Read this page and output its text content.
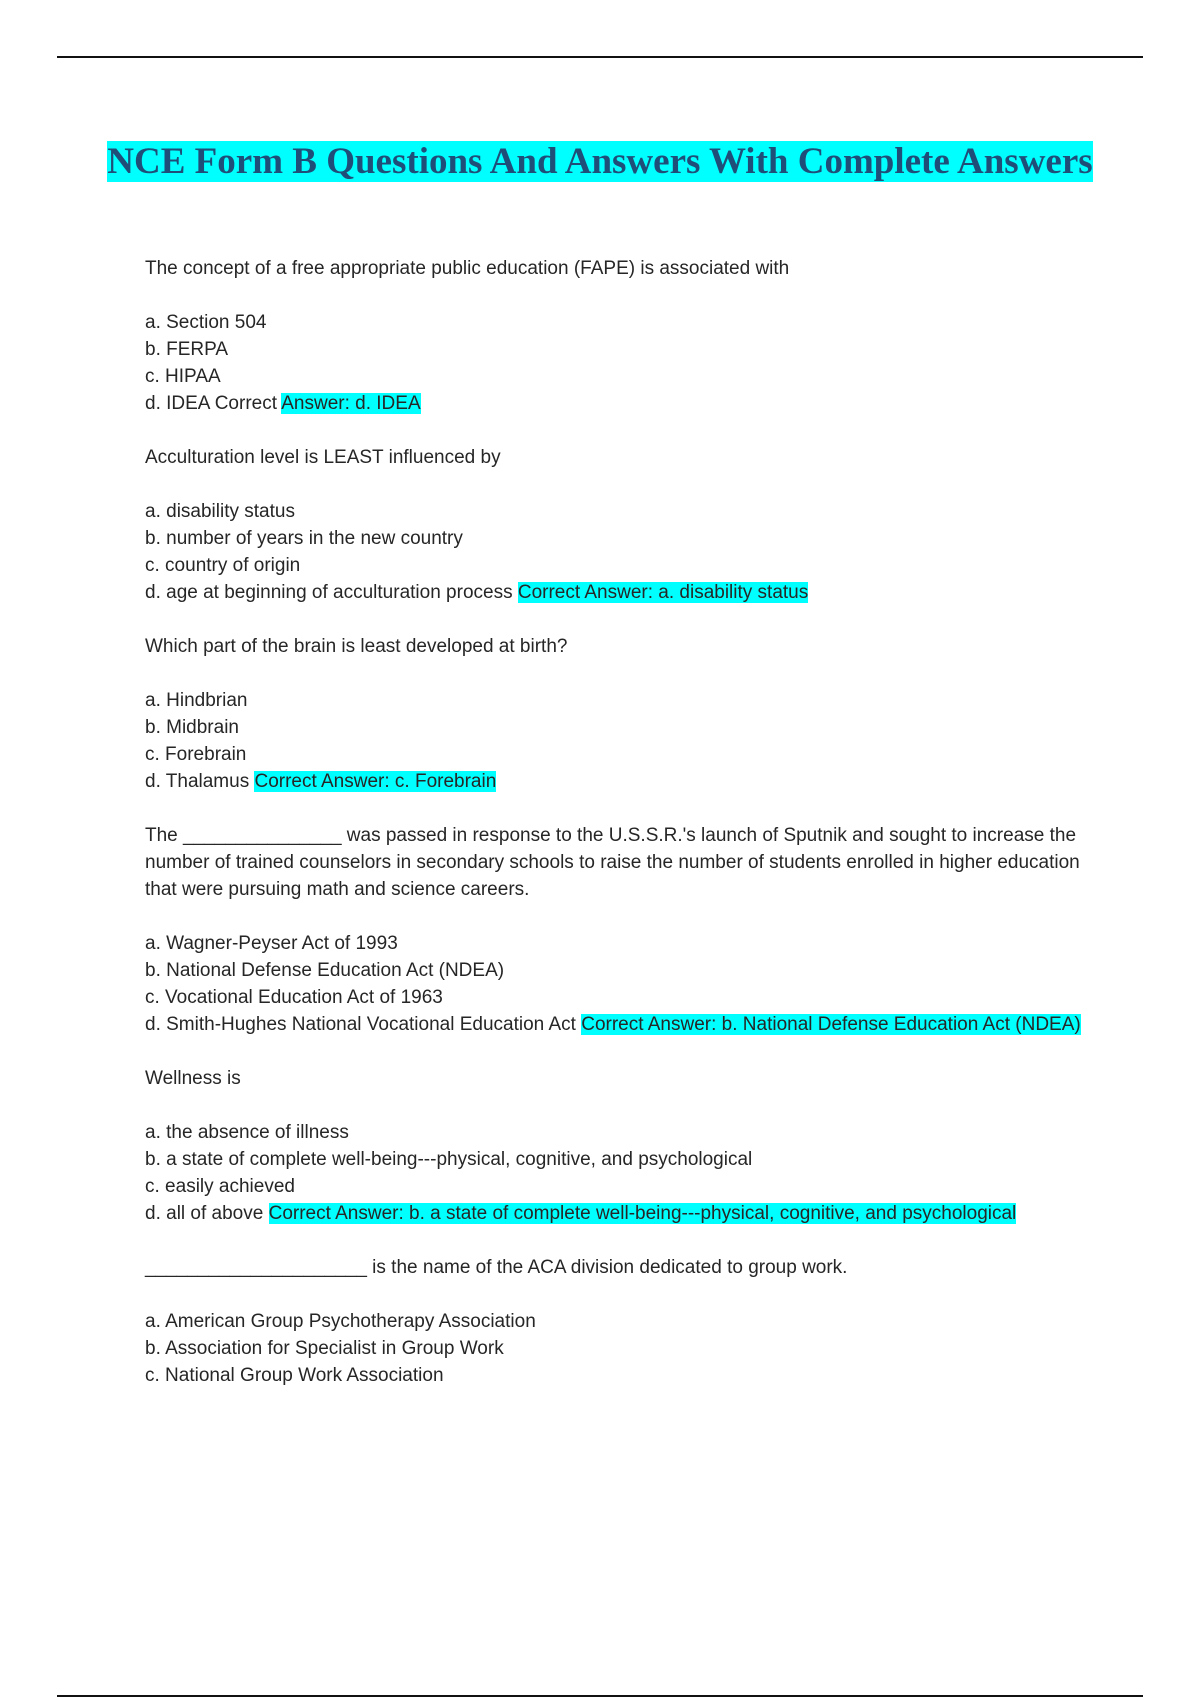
NCE Form B Questions And Answers With Complete Answers

The concept of a free appropriate public education (FAPE) is associated with

a. Section 504

b. FERPA

c. HIPAA

d. IDEA Correct Answer: d. IDEA

Acculturation level is LEAST influenced by

a. disability status

b. number of years in the new country

c. country of origin

d. age at beginning of acculturation process Correct Answer: a. disability status

Which part of the brain is least developed at birth?

a. Hindbrian

b. Midbrain

c. Forebrain

d. Thalamus Correct Answer: c. Forebrain

The _______________ was passed in response to the U.S.S.R.'s launch of Sputnik and sought to increase the number of trained counselors in secondary schools to raise the number of students enrolled in higher education that were pursuing math and science careers.

a. Wagner-Peyser Act of 1993

b. National Defense Education Act (NDEA)

c. Vocational Education Act of 1963

d. Smith-Hughes National Vocational Education Act Correct Answer: b. National Defense Education Act (NDEA)

Wellness is

a. the absence of illness

b. a state of complete well-being---physical, cognitive, and psychological

c. easily achieved

d. all of above Correct Answer: b. a state of complete well-being---physical, cognitive, and psychological

_____________________ is the name of the ACA division dedicated to group work.

a. American Group Psychotherapy Association

b. Association for Specialist in Group Work

c. National Group Work Association
